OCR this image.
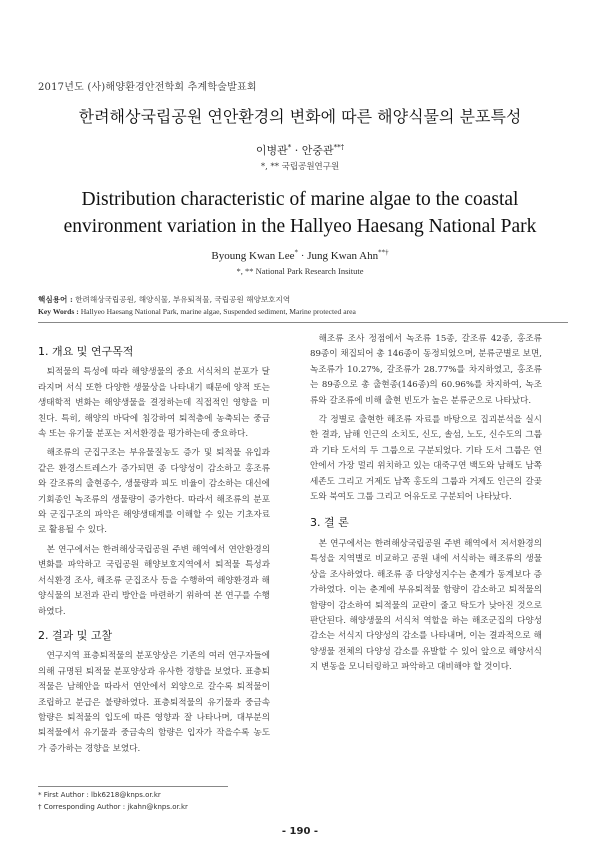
2017년도 (사)해양환경안전학회 추계학술발표회
한려해상국립공원 연안환경의 변화에 따른 해양식물의 분포특성
이병관* · 안중관**†
*, ** 국립공원연구원
Distribution characteristic of marine algae to the coastal environment variation in the Hallyeo Haesang National Park
Byoung Kwan Lee* · Jung Kwan Ahn**†
*, ** National Park Research Insitute
핵심용어 : 한려해상국립공원, 해양식물, 부유퇴적물, 국립공원 해양보호지역
Key Words : Hallyeo Haesang National Park, marine algae, Suspended sediment, Marine protected area
1. 개요 및 연구목적

퇴적물의 특성에 따라 해양생물의 중요 서식처의 분포가 달라지며 서식 또한 다양한 생물상을 나타내기 때문에 양적 또는 생태학적 변화는 해양생물을 결정하는데 직접적인 영향을 미친다. 특히, 해양의 바닥에 침강하여 퇴적층에 농축되는 중금속 또는 유기물 분포는 저서환경을 평가하는데 중요하다.

해조류의 군집구조는 부유물질농도 증가 및 퇴적물 유입과 같은 환경스트레스가 증가되면 종 다양성이 감소하고 홍조류와 갈조류의 출현종수, 생물량과 피도 비율이 감소하는 대신에 기회종인 녹조류의 생물량이 증가한다. 따라서 해조류의 분포와 군집구조의 파악은 해양생태계를 이해할 수 있는 기초자료로 활용될 수 있다.

본 연구에서는 한려해상국립공원 주변 해역에서 연안환경의 변화를 파악하고 국립공원 해양보호지역에서 퇴적물 특성과 서식환경 조사, 해조류 군집조사 등을 수행하여 해양환경과 해양식물의 보전과 관리 방안을 마련하기 위하여 본 연구를 수행하였다.

2. 결과 및 고찰

연구지역 표층퇴적물의 분포양상은 기존의 여러 연구자들에 의해 규명된 퇴적물 분포양상과 유사한 경향을 보였다. 표층퇴적물은 남해안을 따라서 연안에서 외양으로 갈수록 퇴적물이 조립하고 분급은 불량하였다. 표층퇴적물의 유기물과 중금속 함량은 퇴적물의 입도에 따른 영향과 잘 나타나며, 대부분의 퇴적물에서 유기물과 중금속의 함량은 입자가 작을수록 농도가 증가하는 경향을 보였다.

해조류 조사 정점에서 녹조류 15종, 갈조류 42종, 홍조류 89종이 채집되어 총 146종이 동정되었으며, 분류군별로 보면, 녹조류가 10.27%, 갈조류가 28.77%를 차지하였고, 홍조류는 89종으로 총 출현종(146종)의 60.96%를 차지하여, 녹조류와 갈조류에 비해 출현 빈도가 높은 분류군으로 나타났다.

각 정별로 출현한 해조류 자료를 바탕으로 집괴분석을 실시한 결과, 남해 인근의 소치도, 신도, 솔섬, 노도, 신수도의 그룹과 기타 도서의 두 그룹으로 구분되었다. 기타 도서 그룹은 연안에서 가장 멀리 위치하고 있는 대죽구연 백도와 남해도 남쪽 세존도 그리고 거제도 남쪽 홍도의 그룹과 거제도 인근의 갈곶도와 북여도 그룹 그리고 어유도로 구분되어 나타났다.

3. 결 론

본 연구에서는 한려해상국립공원 주변 해역에서 저서환경의 특성을 지역별로 비교하고 공원 내에 서식하는 해조류의 생물상을 조사하였다. 해조류 종 다양성지수는 춘계가 동계보다 증가하였다. 이는 춘계에 부유퇴적물 함량이 감소하고 퇴적물의 함량이 감소하여 퇴적물의 교란이 줄고 탁도가 낮아진 것으로 판단된다. 해양생물의 서식처 역할을 하는 해조군집의 다양성 감소는 서식지 다양성의 감소를 나타내며, 이는 결과적으로 해양생물 전체의 다양성 감소를 유발할 수 있어 앞으로 해양서식지 변동을 모니터링하고 파악하고 대비해야 할 것이다.

* First Author : lbk6218@knps.or.kr
† Corresponding Author : jkahn@knps.or.kr
- 190 -
